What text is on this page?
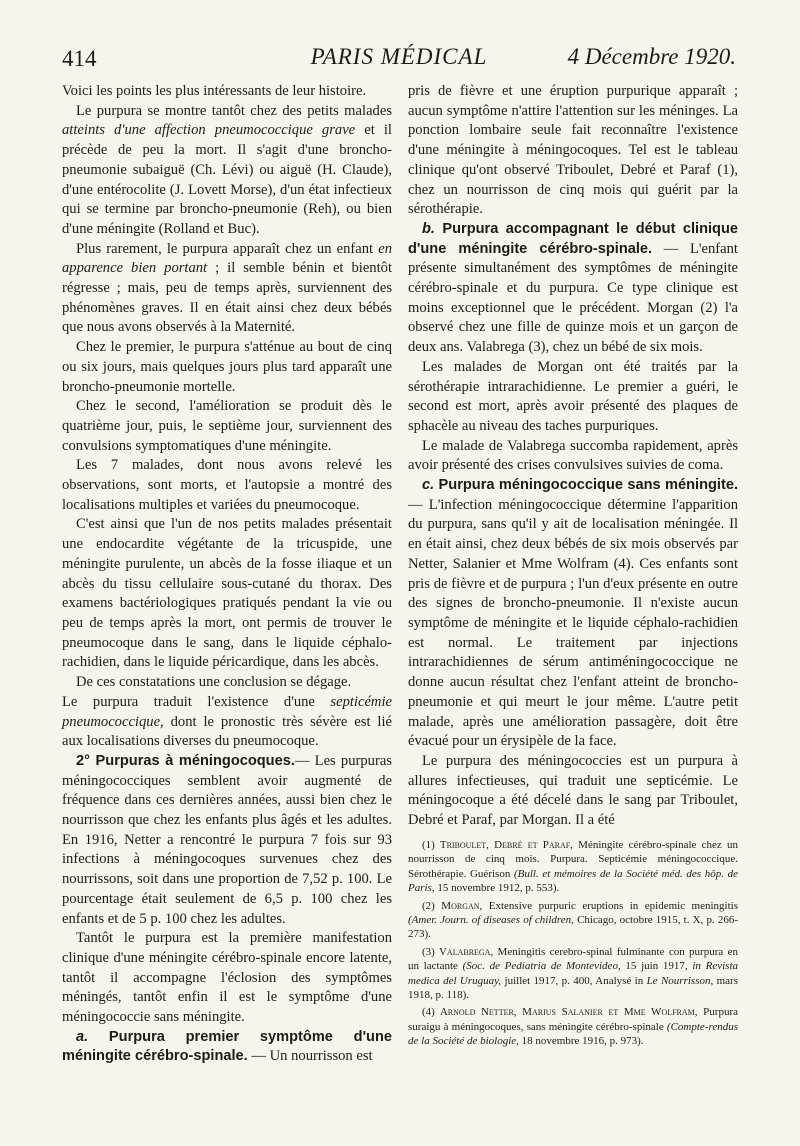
414	PARIS MÉDICAL	4 Décembre 1920.

Voici les points les plus intéressants de leur histoire.

Le purpura se montre tantôt chez des petits malades atteints d'une affection pneumococcique grave et il précède de peu la mort. Il s'agit d'une broncho-pneumonie subaiguë (Ch. Lévi) ou aiguë (H. Claude), d'une entérocolite (J. Lovett Morse), d'un état infectieux qui se termine par broncho-pneumonie (Reh), ou bien d'une méningite (Rolland et Buc).

Plus rarement, le purpura apparaît chez un enfant en apparence bien portant ; il semble bénin et bientôt régresse ; mais, peu de temps après, surviennent des phénomènes graves. Il en était ainsi chez deux bébés que nous avons observés à la Maternité.

Chez le premier, le purpura s'atténue au bout de cinq ou six jours, mais quelques jours plus tard apparaît une broncho-pneumonie mortelle.

Chez le second, l'amélioration se produit dès le quatrième jour, puis, le septième jour, surviennent des convulsions symptomatiques d'une méningite.

Les 7 malades, dont nous avons relevé les observations, sont morts, et l'autopsie a montré des localisations multiples et variées du pneumocoque.

C'est ainsi que l'un de nos petits malades présentait une endocardite végétante de la tricuspide, une méningite purulente, un abcès de la fosse iliaque et un abcès du tissu cellulaire sous-cutané du thorax. Des examens bactériologiques pratiqués pendant la vie ou peu de temps après la mort, ont permis de trouver le pneumocoque dans le sang, dans le liquide céphalo-rachidien, dans le liquide péricardique, dans les abcès.

De ces constatations une conclusion se dégage.

Le purpura traduit l'existence d'une septicémie pneumococcique, dont le pronostic très sévère est lié aux localisations diverses du pneumocoque.

2° Purpuras à méningocoques.— Les purpuras méningococciques semblent avoir augmenté de fréquence dans ces dernières années, aussi bien chez le nourrisson que chez les enfants plus âgés et les adultes. En 1916, Netter a rencontré le purpura 7 fois sur 93 infections à méningocoques survenues chez des nourrissons, soit dans une proportion de 7,52 p. 100. Le pourcentage était seulement de 6,5 p. 100 chez les enfants et de 5 p. 100 chez les adultes.

Tantôt le purpura est la première manifestation clinique d'une méningite cérébro-spinale encore latente, tantôt il accompagne l'éclosion des symptômes méningés, tantôt enfin il est le symptôme d'une méningococcie sans méningite.

a. Purpura premier symptôme d'une méningite cérébro-spinale. — Un nourrisson est

pris de fièvre et une éruption purpurique apparaît ; aucun symptôme n'attire l'attention sur les méninges. La ponction lombaire seule fait reconnaître l'existence d'une méningite à méningocoques. Tel est le tableau clinique qu'ont observé Triboulet, Debré et Paraf (1), chez un nourrisson de cinq mois qui guérit par la sérothérapie.

b. Purpura accompagnant le début clinique d'une méningite cérébro-spinale. — L'enfant présente simultanément des symptômes de méningite cérébro-spinale et du purpura. Ce type clinique est moins exceptionnel que le précédent. Morgan (2) l'a observé chez une fille de quinze mois et un garçon de deux ans. Valabrega (3), chez un bébé de six mois.

Les malades de Morgan ont été traités par la sérothérapie intrarachidienne. Le premier a guéri, le second est mort, après avoir présenté des plaques de sphacèle au niveau des taches purpuriques.

Le malade de Valabrega succomba rapidement, après avoir présenté des crises convulsives suivies de coma.

c. Purpura méningococcique sans méningite. — L'infection méningococcique détermine l'apparition du purpura, sans qu'il y ait de localisation méningée. Il en était ainsi, chez deux bébés de six mois observés par Netter, Salanier et Mme Wolfram (4). Ces enfants sont pris de fièvre et de purpura ; l'un d'eux présente en outre des signes de broncho-pneumonie. Il n'existe aucun symptôme de méningite et le liquide céphalo-rachidien est normal. Le traitement par injections intrarachidiennes de sérum antiméningococcique ne donne aucun résultat chez l'enfant atteint de broncho-pneumonie et qui meurt le jour même. L'autre petit malade, après une amélioration passagère, doit être évacué pour un érysipèle de la face.

Le purpura des méningococcies est un purpura à allures infectieuses, qui traduit une septicémie. Le méningocoque a été décelé dans le sang par Triboulet, Debré et Paraf, par Morgan. Il a été

(1) Triboulet, Debré et Paraf, Méningite cérébro-spinale chez un nourrisson de cinq mois. Purpura. Septicémie méningococcique. Sérothérapie. Guérison (Bull. et mémoires de la Société méd. des hôp. de Paris, 15 novembre 1912, p. 553).

(2) Morgan, Extensive purpuric eruptions in epidemic meningitis (Amer. Journ. of diseases of children, Chicago, octobre 1915, t. X, p. 266-273).

(3) Valabrega, Meningitis cerebro-spinal fulminante con purpura en un lactante (Soc. de Pediatria de Montevideo, 15 juin 1917, in Revista medica del Uruguay, juillet 1917, p. 400, Analysé in Le Nourrisson, mars 1918, p. 118).

(4) Arnold Netter, Marius Salanier et Mme Wolfram, Purpura suraigu à méningocoques, sans méningite cérébro-spinale (Compte-rendus de la Société de biologie, 18 novembre 1916, p. 973).
